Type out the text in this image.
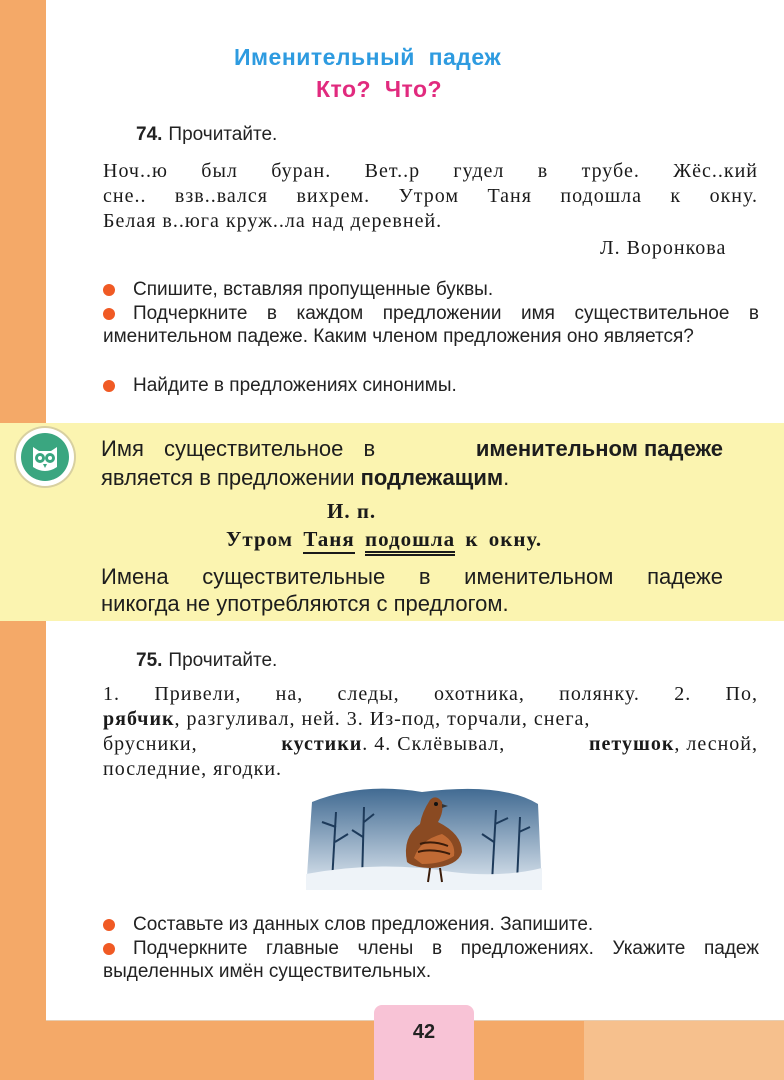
Именительный  падеж
Кто?  Что?
74. Прочитайте.
Ноч..ю был буран. Вет..р гудел в трубе. Жёс..кий
сне.. взв..вался вихрем. Утром Таня подошла к окну.
Белая в..юга круж..ла над деревней.
Л. Воронкова
Спишите, вставляя пропущенные буквы.
Подчеркните в каждом предложении имя существительное в именительном падеже. Каким членом предложения оно является?
Найдите в предложениях синонимы.
Имя существительное в	именительном падеже
является в предложении подлежащим.
И. п.
Утром Таня подошла к окну.
Имена существительные в именительном падеже
никогда не употребляются с предлогом.
75. Прочитайте.
1. Привели, на, следы, охотника, полянку. 2. По,
рябчик, разгуливал, ней. 3. Из-под, торчали, снега,
брусники,	кустики. 4. Склёвывал,	петушок, лесной,
последние, ягодки.
Составьте из данных слов предложения. Запишите.
Подчеркните главные члены в предложениях. Укажите падеж выделенных имён существительных.
42
